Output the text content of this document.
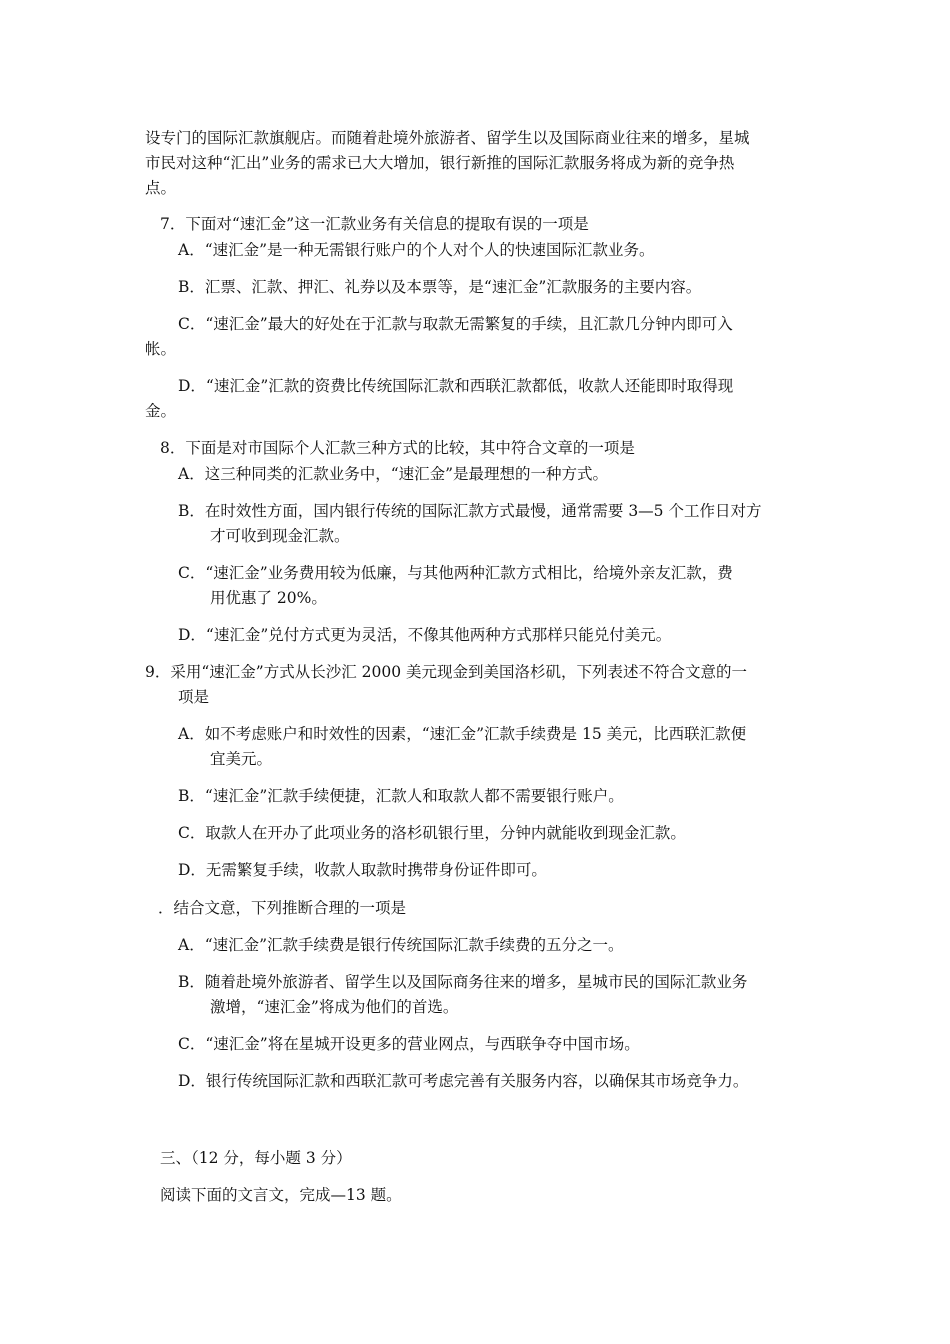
设专门的国际汇款旗舰店。而随着赴境外旅游者、留学生以及国际商业往来的增多，星城

市民对这种“汇出”业务的需求已大大增加，银行新推的国际汇款服务将成为新的竞争热

点。

7．下面对“速汇金”这一汇款业务有关信息的提取有误的一项是

A．“速汇金”是一种无需银行账户的个人对个人的快速国际汇款业务。

B．汇票、汇款、押汇、礼券以及本票等，是“速汇金”汇款服务的主要内容。

C．“速汇金”最大的好处在于汇款与取款无需繁复的手续，且汇款几分钟内即可入

帐。

D．“速汇金”汇款的资费比传统国际汇款和西联汇款都低，收款人还能即时取得现

金。

8．下面是对市国际个人汇款三种方式的比较，其中符合文章的一项是

A．这三种同类的汇款业务中，“速汇金”是最理想的一种方式。

B．在时效性方面，国内银行传统的国际汇款方式最慢，通常需要 3—5 个工作日对方

才可收到现金汇款。

C．“速汇金”业务费用较为低廉，与其他两种汇款方式相比，给境外亲友汇款，费

用优惠了 20%。

D．“速汇金”兑付方式更为灵活，不像其他两种方式那样只能兑付美元。

9．采用“速汇金”方式从长沙汇 2000 美元现金到美国洛杉矶，下列表述不符合文意的一

项是

A．如不考虑账户和时效性的因素，“速汇金”汇款手续费是 15 美元，比西联汇款便

宜美元。

B．“速汇金”汇款手续便捷，汇款人和取款人都不需要银行账户。

C．取款人在开办了此项业务的洛杉矶银行里，分钟内就能收到现金汇款。

D．无需繁复手续，收款人取款时携带身份证件即可。

．结合文意，下列推断合理的一项是

A．“速汇金”汇款手续费是银行传统国际汇款手续费的五分之一。

B．随着赴境外旅游者、留学生以及国际商务往来的增多，星城市民的国际汇款业务

激增，“速汇金”将成为他们的首选。

C．“速汇金”将在星城开设更多的营业网点，与西联争夺中国市场。

D．银行传统国际汇款和西联汇款可考虑完善有关服务内容，以确保其市场竞争力。

三、（12 分，每小题 3 分）

阅读下面的文言文，完成—13 题。
